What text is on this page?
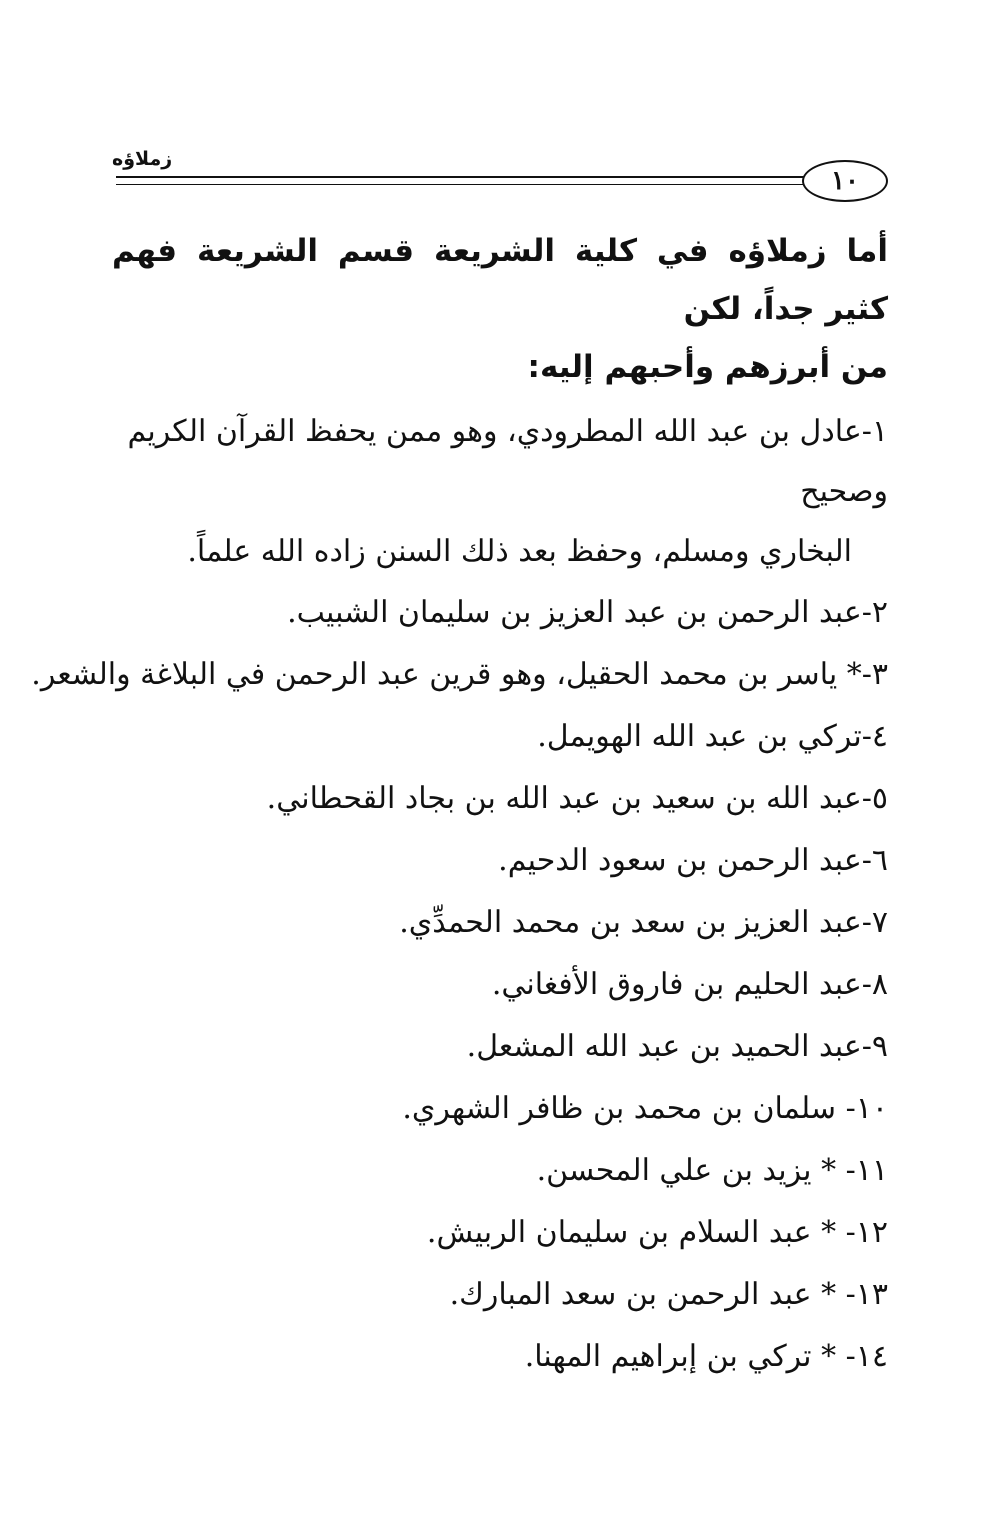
زملاؤه
١٠

أما زملاؤه في كلية الشريعة قسم الشريعة فهم كثير جداً، لكن
من أبرزهم وأحبهم إليه:

١-عادل بن عبد الله المطرودي، وهو ممن يحفظ القرآن الكريم وصحيح
البخاري ومسلم، وحفظ بعد ذلك السنن زاده الله علماً.
٢-عبد الرحمن بن عبد العزيز بن سليمان الشبيب.
٣-* ياسر بن محمد الحقيل، وهو قرين عبد الرحمن في البلاغة والشعر.
٤-تركي بن عبد الله الهويمل.
٥-عبد الله بن سعيد بن عبد الله بن بجاد القحطاني.
٦-عبد الرحمن بن سعود الدحيم.
٧-عبد العزيز بن سعد بن محمد الحمدِّي.
٨-عبد الحليم بن فاروق الأفغاني.
٩-عبد الحميد بن عبد الله المشعل.
١٠- سلمان بن محمد بن ظافر الشهري.
١١- * يزيد بن علي المحسن.
١٢- * عبد السلام بن سليمان الربيش.
١٣- * عبد الرحمن بن سعد المبارك.
١٤- * تركي بن إبراهيم المهنا.
